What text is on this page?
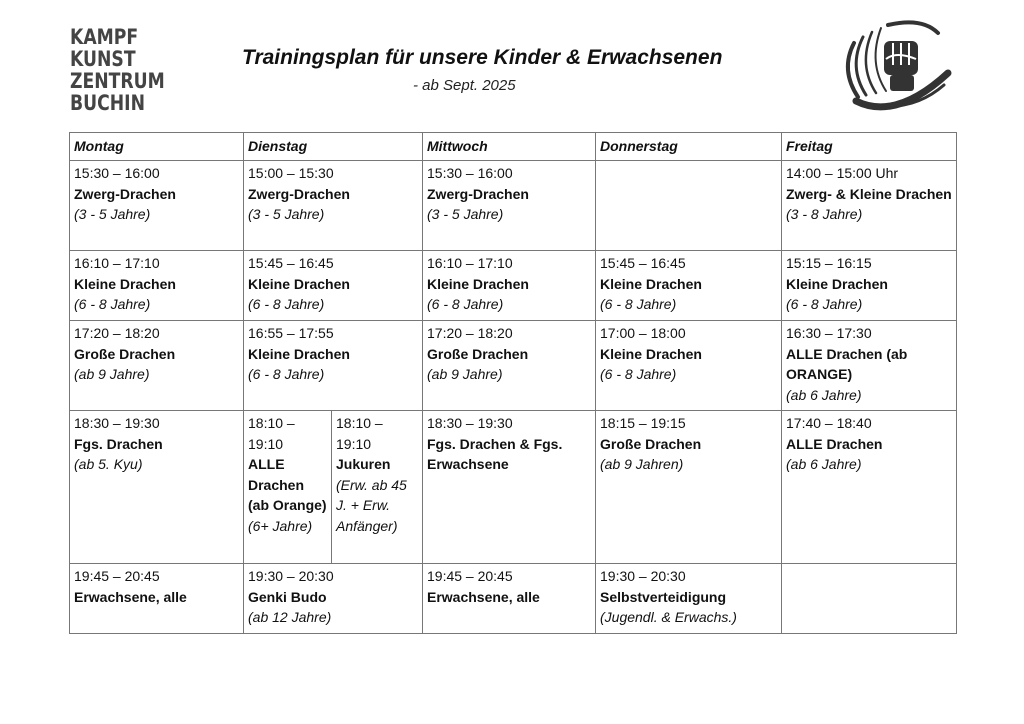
KAMPF
KUNST
ZENTRUM
BUCHIN
Trainingsplan für unsere Kinder & Erwachsenen
- ab Sept. 2025
Montag	Dienstag		Mittwoch	Donnerstag	Freitag

15:30 – 16:00
Zwerg-Drachen
(3 - 5 Jahre)	15:00 – 15:30
Zwerg-Drachen
(3 - 5 Jahre)		15:30 – 16:00
Zwerg-Drachen
(3 - 5 Jahre)		14:00 – 15:00 Uhr
Zwerg- & Kleine Drachen
(3 - 8 Jahre)

16:10 – 17:10
Kleine Drachen
(6 - 8 Jahre)	15:45 – 16:45
Kleine Drachen
(6 - 8 Jahre)		16:10 – 17:10
Kleine Drachen
(6 - 8 Jahre)	15:45 – 16:45
Kleine Drachen
(6 - 8 Jahre)	15:15 – 16:15
Kleine Drachen
(6 - 8 Jahre)

17:20 – 18:20
Große Drachen
(ab 9 Jahre)	16:55 – 17:55
Kleine Drachen
(6 - 8 Jahre)		17:20 – 18:20
Große Drachen
(ab 9 Jahre)	17:00 – 18:00
Kleine Drachen
(6 - 8 Jahre)	16:30 – 17:30
ALLE Drachen (ab ORANGE)
(ab 6 Jahre)

18:30 – 19:30
Fgs. Drachen
(ab 5. Kyu)	18:10 – 19:10
ALLE Drachen (ab Orange)
(6+ Jahre)	18:10 – 19:10
Jukuren
(Erw. ab 45 J. + Erw. Anfänger)	18:30 – 19:30
Fgs. Drachen & Fgs. Erwachsene	18:15 – 19:15
Große Drachen
(ab 9 Jahren)	17:40 – 18:40
ALLE Drachen
(ab 6 Jahre)

19:45 – 20:45
Erwachsene, alle	19:30 – 20:30
Genki Budo
(ab 12 Jahre)		19:45 – 20:45
Erwachsene, alle	19:30 – 20:30
Selbstverteidigung
(Jugendl. & Erwachs.)	
